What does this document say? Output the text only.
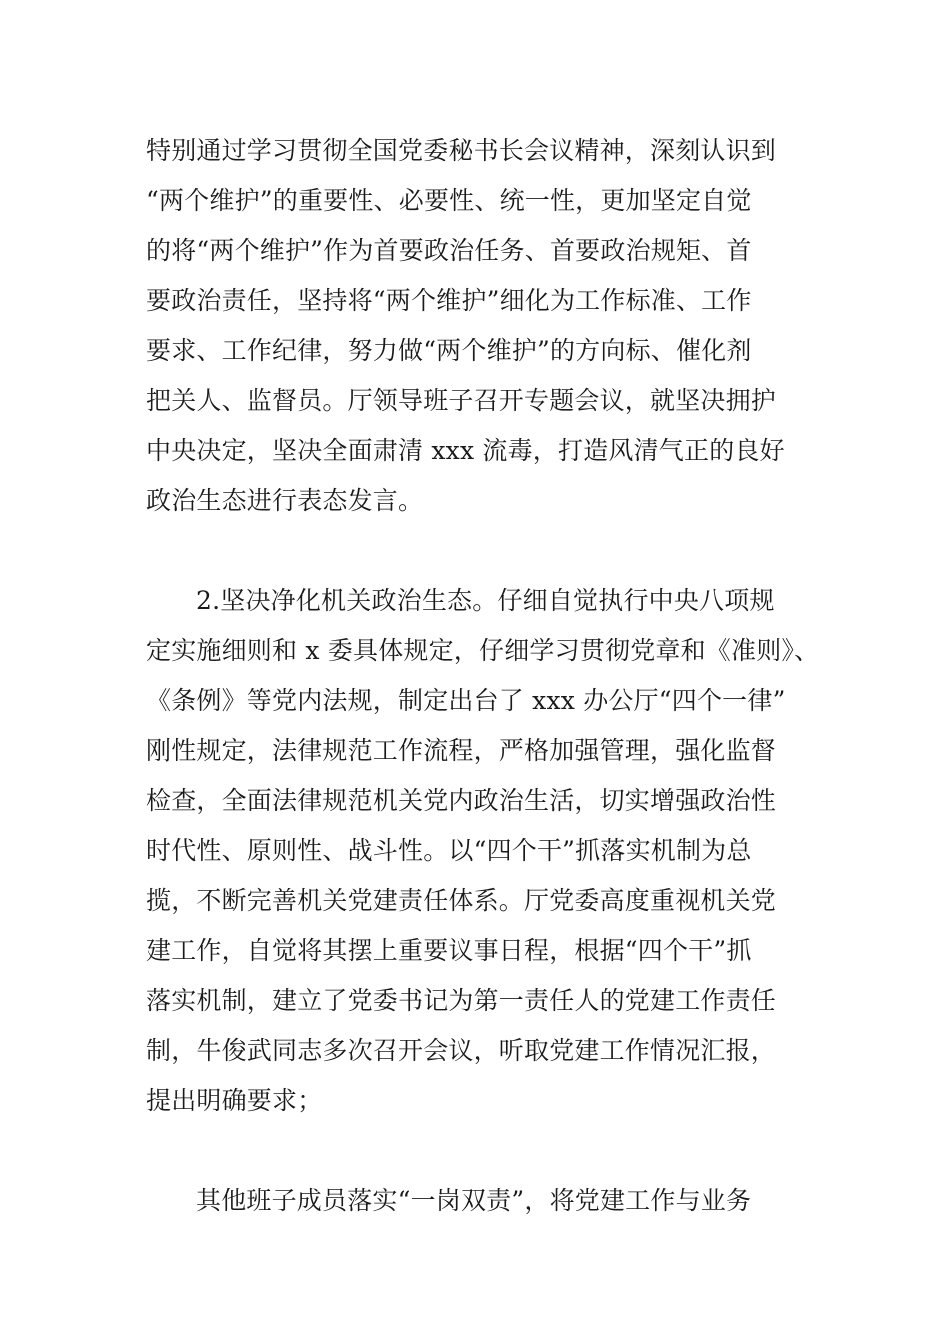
特别通过学习贯彻全国党委秘书长会议精神，深刻认识到
“两个维护”的重要性、必要性、统一性，更加坚定自觉
的将“两个维护”作为首要政治任务、首要政治规矩、首
要政治责任，坚持将“两个维护”细化为工作标准、工作
要求、工作纪律，努力做“两个维护”的方向标、催化剂
把关人、监督员。厅领导班子召开专题会议，就坚决拥护
中央决定，坚决全面肃清 xxx 流毒，打造风清气正的良好
政治生态进行表态发言。
2.坚决净化机关政治生态。仔细自觉执行中央八项规
定实施细则和 x 委具体规定，仔细学习贯彻党章和《准则》、
《条例》等党内法规，制定出台了 xxx 办公厅“四个一律”
刚性规定，法律规范工作流程，严格加强管理，强化监督
检查，全面法律规范机关党内政治生活，切实增强政治性
时代性、原则性、战斗性。以“四个干”抓落实机制为总
揽，不断完善机关党建责任体系。厅党委高度重视机关党
建工作，自觉将其摆上重要议事日程，根据“四个干”抓
落实机制，建立了党委书记为第一责任人的党建工作责任
制，牛俊武同志多次召开会议，听取党建工作情况汇报，
提出明确要求；
其他班子成员落实“一岗双责”，将党建工作与业务
